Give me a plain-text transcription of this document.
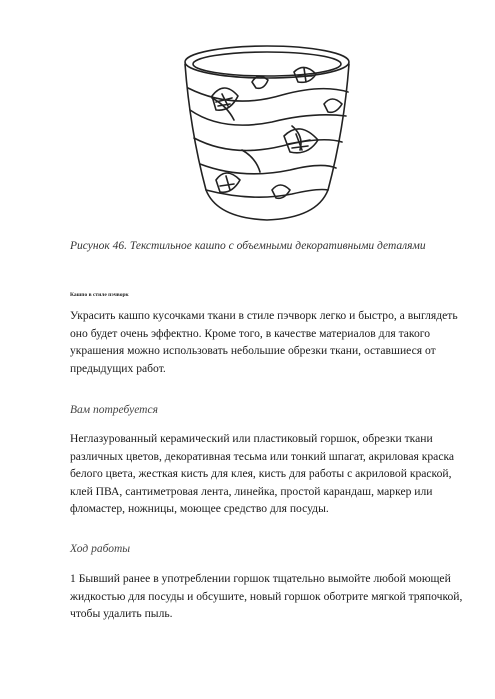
Рисунок 46. Текстильное кашпо с объемными декоративными деталями
Кашпо в стиле пэчворк

Украсить кашпо кусочками ткани в стиле пэчворк легко и быстро, а выглядеть оно будет очень эффектно. Кроме того, в качестве материалов для такого украшения можно использовать небольшие обрезки ткани, оставшиеся от предыдущих работ.

Вам потребуется

Неглазурованный керамический или пластиковый горшок, обрезки ткани различных цветов, декоративная тесьма или тонкий шпагат, акриловая краска белого цвета, жесткая кисть для клея, кисть для работы с акриловой краской, клей ПВА, сантиметровая лента, линейка, простой карандаш, маркер или фломастер, ножницы, моющее средство для посуды.

Ход работы

1 Бывший ранее в употреблении горшок тщательно вымойте любой моющей жидкостью для посуды и обсушите, новый горшок оботрите мягкой тряпочкой, чтобы удалить пыль.
